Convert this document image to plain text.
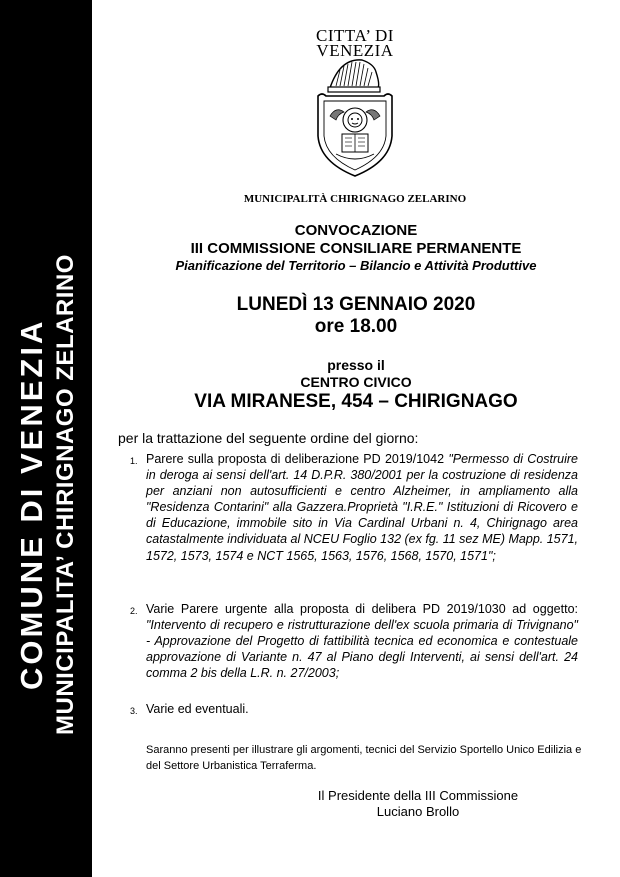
COMUNE DI VENEZIA MUNICIPALITA’ CHIRIGNAGO ZELARINO
CITTA’ DI
VENEZIA
MUNICIPALITÀ CHIRIGNAGO ZELARINO
CONVOCAZIONE
III COMMISSIONE CONSILIARE PERMANENTE
Pianificazione del Territorio – Bilancio e Attività Produttive
LUNEDÌ 13 GENNAIO 2020
ore 18.00
presso il
CENTRO CIVICO
VIA MIRANESE, 454 – CHIRIGNAGO
per la trattazione del seguente ordine del giorno:
1. Parere sulla proposta di deliberazione PD 2019/1042 "Permesso di Costruire in deroga ai sensi dell'art. 14 D.P.R. 380/2001 per la costruzione di residenza per anziani non autosufficienti e centro Alzheimer, in ampliamento alla "Residenza Contarini" alla Gazzera.Proprietà "I.R.E." Istituzioni di Ricovero e di Educazione, immobile sito in Via Cardinal Urbani n. 4, Chirignago area catastalmente individuata al NCEU Foglio 132 (ex fg. 11 sez ME) Mapp. 1571, 1572, 1573, 1574 e NCT 1565, 1563, 1576, 1568, 1570, 1571";
2. Varie Parere urgente alla proposta di delibera PD 2019/1030 ad oggetto: "Intervento di recupero e ristrutturazione dell'ex scuola primaria di Trivignano" - Approvazione del Progetto di fattibilità tecnica ed economica e contestuale approvazione di Variante n. 47 al Piano degli Interventi, ai sensi dell'art. 24 comma 2 bis della L.R. n. 27/2003;
3. Varie ed eventuali.
Saranno presenti per illustrare gli argomenti, tecnici del Servizio Sportello Unico Edilizia e del Settore Urbanistica Terraferma.
Il Presidente della III Commissione
Luciano Brollo
